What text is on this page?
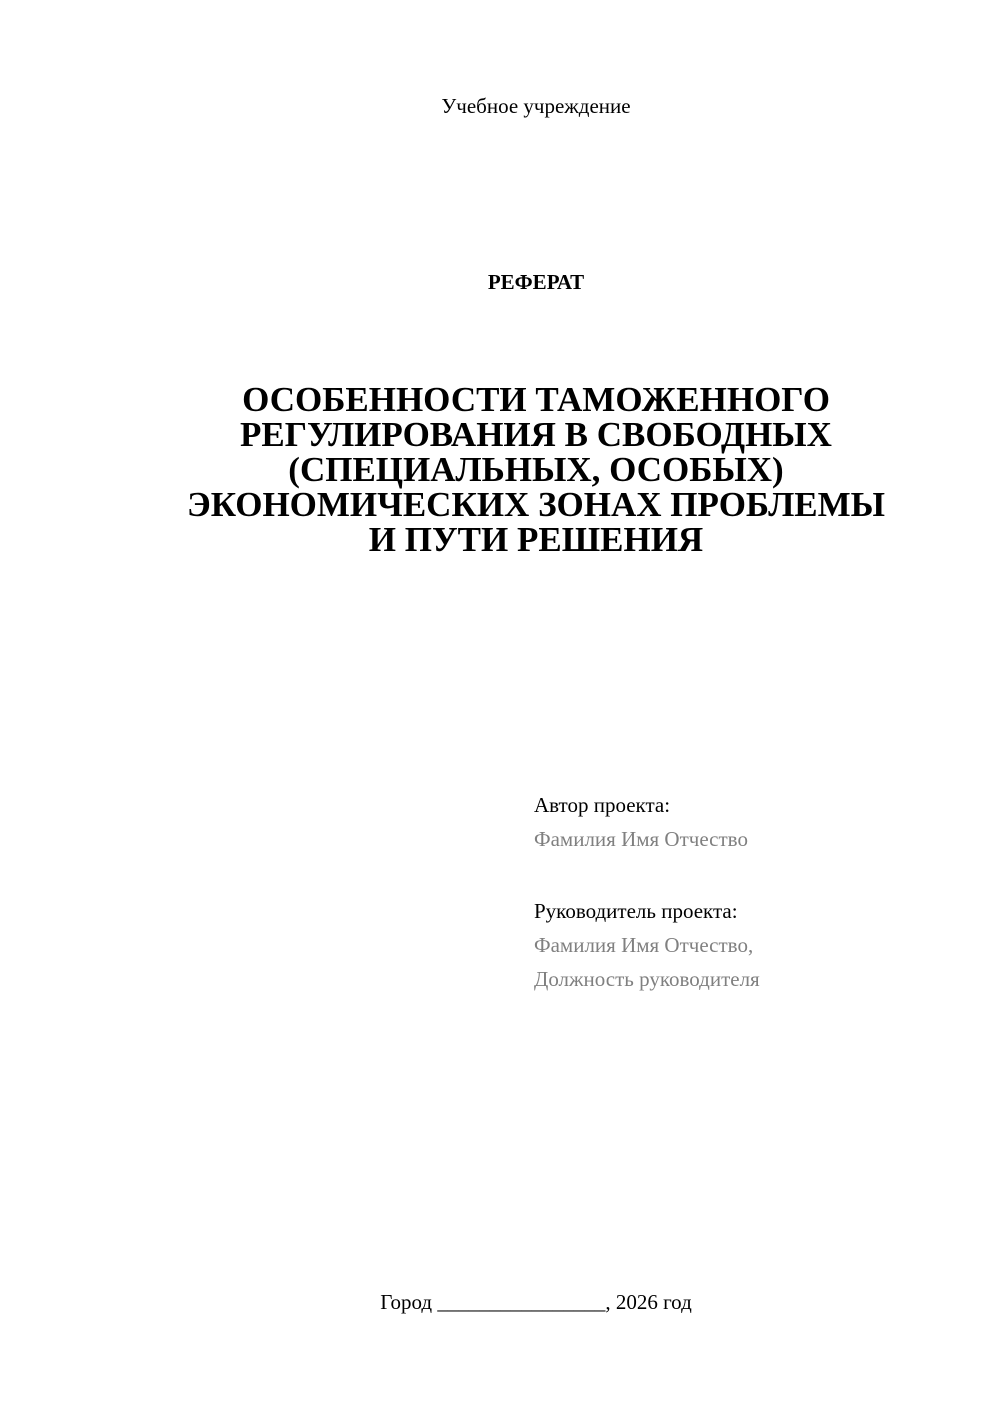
Учебное учреждение
РЕФЕРАТ
ОСОБЕННОСТИ ТАМОЖЕННОГО
РЕГУЛИРОВАНИЯ В СВОБОДНЫХ
(СПЕЦИАЛЬНЫХ, ОСОБЫХ)
ЭКОНОМИЧЕСКИХ ЗОНАХ ПРОБЛЕМЫ
И ПУТИ РЕШЕНИЯ
Автор проекта:
Фамилия Имя Отчество
Руководитель проекта:
Фамилия Имя Отчество,
Должность руководителя
Город ________________, 2026 год
